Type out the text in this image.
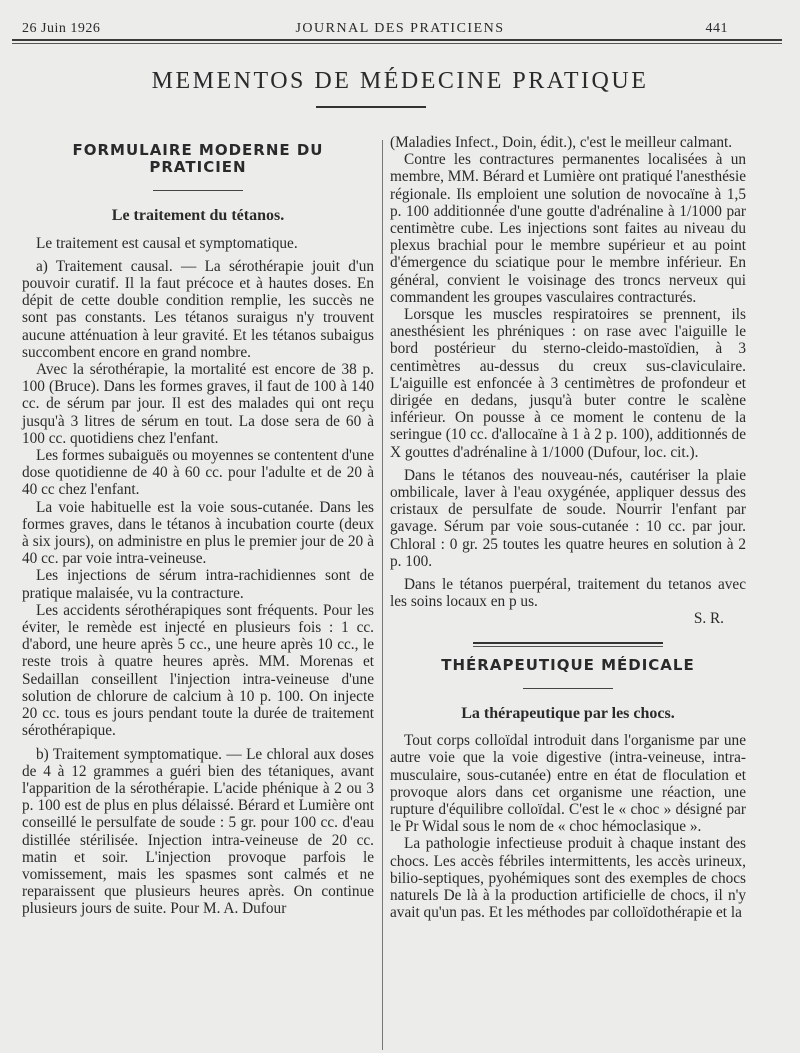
26 Juin 1926	JOURNAL DES PRATICIENS	441
MEMENTOS DE MÉDECINE PRATIQUE
FORMULAIRE MODERNE DU PRATICIEN
Le traitement du tétanos.

Le traitement est causal et symptomatique.

a) Traitement causal. — La sérothérapie jouit d'un pouvoir curatif. Il la faut précoce et à hautes doses. En dépit de cette double condition remplie, les succès ne sont pas constants. Les tétanos suraigus n'y trouvent aucune atténuation à leur gravité. Et les tétanos subaigus succombent encore en grand nombre.

Avec la sérothérapie, la mortalité est encore de 38 p. 100 (Bruce). Dans les formes graves, il faut de 100 à 140 cc. de sérum par jour. Il est des malades qui ont reçu jusqu'à 3 litres de sérum en tout. La dose sera de 60 à 100 cc. quotidiens chez l'enfant.

Les formes subaiguës ou moyennes se contentent d'une dose quotidienne de 40 à 60 cc. pour l'adulte et de 20 à 40 cc chez l'enfant.

La voie habituelle est la voie sous-cutanée. Dans les formes graves, dans le tétanos à incubation courte (deux à six jours), on administre en plus le premier jour de 20 à 40 cc. par voie intra-veineuse.

Les injections de sérum intra-rachidiennes sont de pratique malaisée, vu la contracture.

Les accidents sérothérapiques sont fréquents. Pour les éviter, le remède est injecté en plusieurs fois : 1 cc. d'abord, une heure après 5 cc., une heure après 10 cc., le reste trois à quatre heures après. MM. Morenas et Sedaillan conseillent l'injection intra-veineuse d'une solution de chlorure de calcium à 10 p. 100. On injecte 20 cc. tous es jours pendant toute la durée de traitement sérothérapique.

b) Traitement symptomatique. — Le chloral aux doses de 4 à 12 grammes a guéri bien des tétaniques, avant l'apparition de la sérothérapie. L'acide phénique à 2 ou 3 p. 100 est de plus en plus délaissé. Bérard et Lumière ont conseillé le persulfate de soude : 5 gr. pour 100 cc. d'eau distillée stérilisée. Injection intra-veineuse de 20 cc. matin et soir. L'injection provoque parfois le vomissement, mais les spasmes sont calmés et ne reparaissent que plusieurs heures après. On continue plusieurs jours de suite. Pour M. A. Dufour

(Maladies Infect., Doin, édit.), c'est le meilleur calmant.

Contre les contractures permanentes localisées à un membre, MM. Bérard et Lumière ont pratiqué l'anesthésie régionale. Ils emploient une solution de novocaïne à 1,5 p. 100 additionnée d'une goutte d'adrénaline à 1/1000 par centimètre cube. Les injections sont faites au niveau du plexus brachial pour le membre supérieur et au point d'émergence du sciatique pour le membre inférieur. En général, convient le voisinage des troncs nerveux qui commandent les groupes vasculaires contracturés.

Lorsque les muscles respiratoires se prennent, ils anesthésient les phréniques : on rase avec l'aiguille le bord postérieur du sterno-cleido-mastoïdien, à 3 centimètres au-dessus du creux sus-claviculaire. L'aiguille est enfoncée à 3 centimètres de profondeur et dirigée en dedans, jusqu'à buter contre le scalène inférieur. On pousse à ce moment le contenu de la seringue (10 cc. d'allocaïne à 1 à 2 p. 100), additionnés de X gouttes d'adrénaline à 1/1000 (Dufour, loc. cit.).

Dans le tétanos des nouveau-nés, cautériser la plaie ombilicale, laver à l'eau oxygénée, appliquer dessus des cristaux de persulfate de soude. Nourrir l'enfant par gavage. Sérum par voie sous-cutanée : 10 cc. par jour. Chloral : 0 gr. 25 toutes les quatre heures en solution à 2 p. 100.

Dans le tétanos puerpéral, traitement du tetanos avec les soins locaux en p us.

S. R.
THÉRAPEUTIQUE MÉDICALE
La thérapeutique par les chocs.

Tout corps colloïdal introduit dans l'organisme par une autre voie que la voie digestive (intra-veineuse, intra-musculaire, sous-cutanée) entre en état de floculation et provoque alors dans cet organisme une réaction, une rupture d'équilibre colloïdal. C'est le « choc » désigné par le Pr Widal sous le nom de « choc hémoclasique ».

La pathologie infectieuse produit à chaque instant des chocs. Les accès fébriles intermittents, les accès urineux, bilio-septiques, pyohémiques sont des exemples de chocs naturels De là à la production artificielle de chocs, il n'y avait qu'un pas. Et les méthodes par colloïdothérapie et la
